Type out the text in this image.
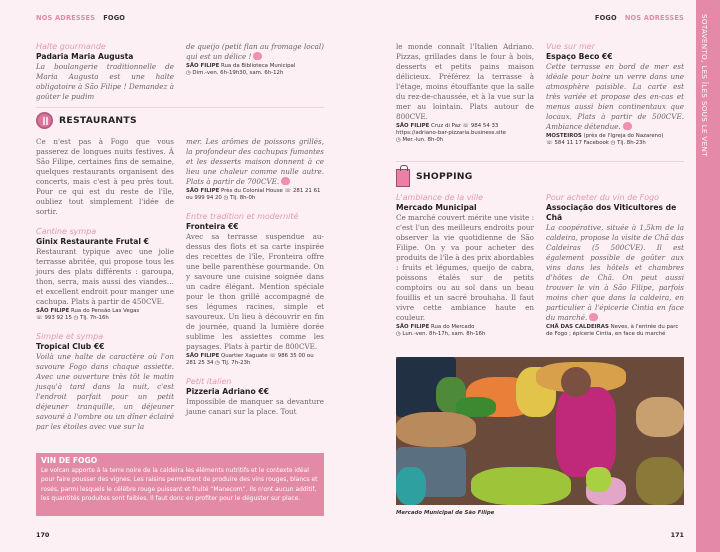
NOS ADRESSES FOGO
Halte gourmande
Padaria Maria Augusta
La boulangerie traditionnelle de Maria Augusta est une halte obligatoire à São Filipe ! Demandez à goûter le pudim
de queijo (petit flan au fromage local) qui est un délice !
SÃO FILIPE Rua da Biblioteca Municipal
◷ Dim.-ven. 6h-19h30, sam. 6h-12h
RESTAURANTS
Ce n'est pas à Fogo que vous passerez de longues nuits festives. À São Filipe, certaines fins de semaine, quelques restaurants organisent des concerts, mais c'est à peu près tout. Pour ce qui est du reste de l'île, oubliez tout simplement l'idée de sortir.
Cantine sympa
Ginix Restaurante Frutal €
Restaurant typique avec une jolie terrasse abritée, qui propose tous les jours des plats différents : garoupa, thon, serra, mais aussi des viandes… et excellent endroit pour manger une cachupa. Plats à partir de 450CVE.
SÃO FILIPE Rua do Pensão Las Vegas
☏ 993 92 15 ◷ Tlj. 7h-16h
Simple et sympa
Tropical Club €€
Voilà une halte de caractère où l'on savoure Fogo dans chaque assiette. Avec une ouverture très tôt le matin jusqu'à tard dans la nuit, c'est l'endroit parfait pour un petit déjeuner tranquille, un déjeuner savouré à l'ombre ou un dîner éclairé par les étoiles avec vue sur la
mer. Les arômes de poissons grillés, la profondeur des cachupas fumantes et les desserts maison donnent à ce lieu une chaleur comme nulle autre. Plats à partir de 700CVE.
SÃO FILIPE Près du Colonial House ☏ 281 21 61 ou 999 94 20 ◷ Tlj. 8h-0h
Entre tradition et modernité
Fronteira €€
Avec sa terrasse suspendue au-dessus des flots et sa carte inspirée des recettes de l'île, Fronteira offre une belle parenthèse gourmande. On y savoure une cuisine soignée dans un cadre élégant. Mention spéciale pour le thon grillé accompagné de ses légumes racines, simple et savoureux. Un lieu à découvrir en fin de journée, quand la lumière dorée sublime les assiettes comme les paysages. Plats à partir de 800CVE.
SÃO FILIPE Quartier Xaguate ☏ 986 35 00 ou 281 25 34 ◷ Tlj. 7h-23h
Petit italien
Pizzeria Adriano €€
Impossible de manquer sa devanture jaune canari sur la place. Tout
VIN DE FOGO
Le volcan apporte à la terre noire de la caldeira les éléments nutritifs et le contexte idéal pour faire pousser des vignes. Les raisins permettent de produire des vins rouges, blancs et rosés, parmi lesquels le célèbre rouge puissant et fruité “Manecom”. Ils n'ont aucun additif, les quantités produites sont faibles. Il faut donc en profiter pour le déguster sur place.
170
FOGO NOS ADRESSES
le monde connaît l'Italien Adriano. Pizzas, grillades dans le four à bois, desserts et petits pains maison délicieux. Préférez la terrasse à l'étage, moins étouffante que la salle du rez-de-chaussée, et à la vue sur la mer au lointain. Plats autour de 800CVE.
SÃO FILIPE Cruz di Paz ☏ 984 54 33
https://adriano-bar-pizzaria.business.site
◷ Mer.-lun. 8h-0h
Vue sur mer
Espaço Beco €€
Cette terrasse en bord de mer est idéale pour boire un verre dans une atmosphère paisible. La carte est très variée et propose des en-cas et menus aussi bien continentaux que locaux. Plats à partir de 500CVE. Ambiance détendue.
MOSTEIROS (près de l'Igreja do Nazareno)
☏ 584 11 17 Facebook ◷ Tlj. 8h-23h
SHOPPING
L'ambiance de la ville
Mercado Municipal
Ce marché couvert mérite une visite : c'est l'un des meilleurs endroits pour observer la vie quotidienne de São Filipe. On y va pour acheter des produits de l'île à des prix abordables : fruits et légumes, queijo de cabra, poissons étalés sur de petits comptoirs ou au sol dans un beau fouillis et un sacré brouhaha. Il faut vivre cette ambiance haute en couleur.
SÃO FILIPE Rua do Mercado
◷ Lun.-ven. 8h-17h, sam. 8h-16h
Pour acheter du vin de Fogo
Associação dos Viticultores de Chã
La coopérative, située à 1,5km de la caldeira, propose la visite de Chã das Caldeiras (5 500CVE). Il est également possible de goûter aux vins dans les hôtels et chambres d'hôtes de Chã. On peut aussi trouver le vin à São Filipe, parfois moins cher que dans la caldeira, en particulier à l'épicerie Cintia en face du marché.
CHÃ DAS CALDEIRAS Neves, à l'entrée du parc de Fogo ; épicerie Cintia, en face du marché
171
Mercado Municipal de São Filipe
SOTAVENTO, LES ÎLES SOUS LE VENT
